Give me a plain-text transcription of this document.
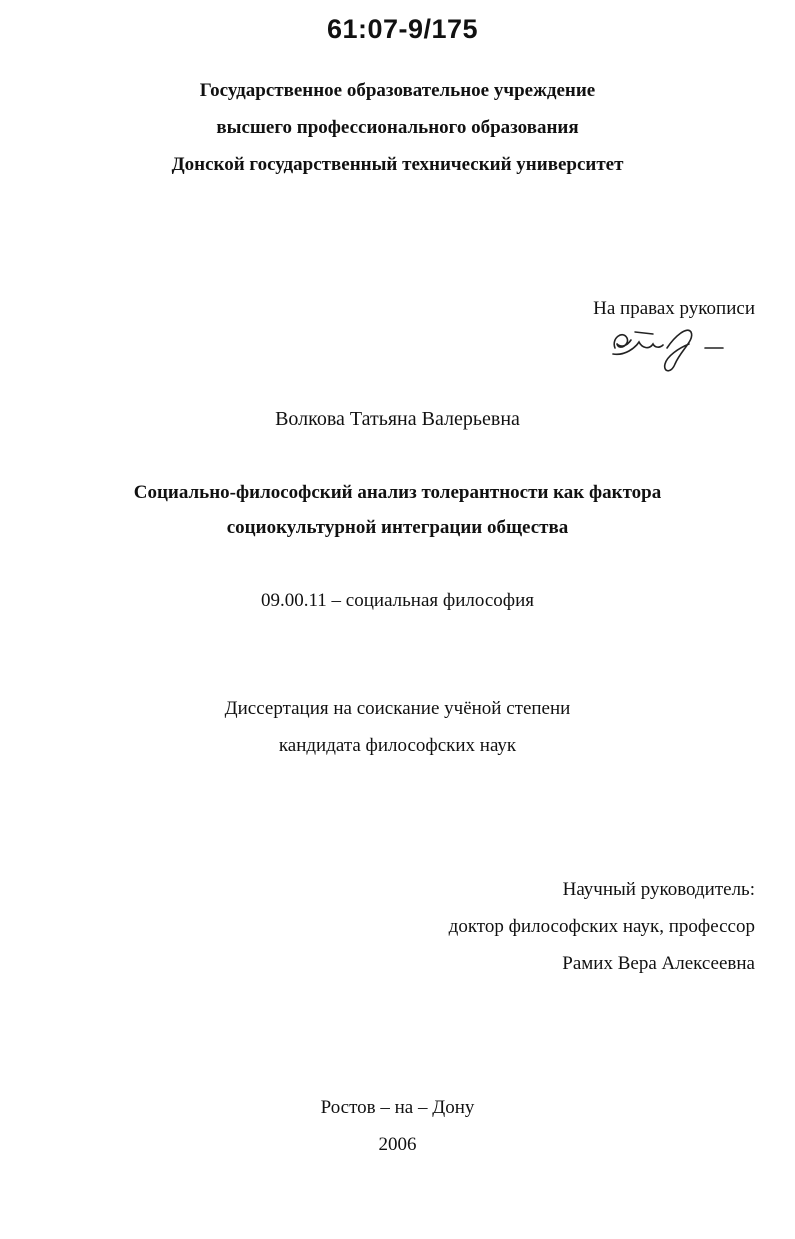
61:07-9/175
Государственное образовательное учреждение
высшего профессионального образования
Донской государственный технический университет
На правах рукописи
Волкова Татьяна Валерьевна
Социально-философский анализ толерантности как фактора
социокультурной интеграции общества
09.00.11 – социальная философия
Диссертация на соискание учёной степени
кандидата философских наук
Научный руководитель:
доктор философских наук, профессор
Рамих Вера Алексеевна
Ростов – на – Дону
2006
